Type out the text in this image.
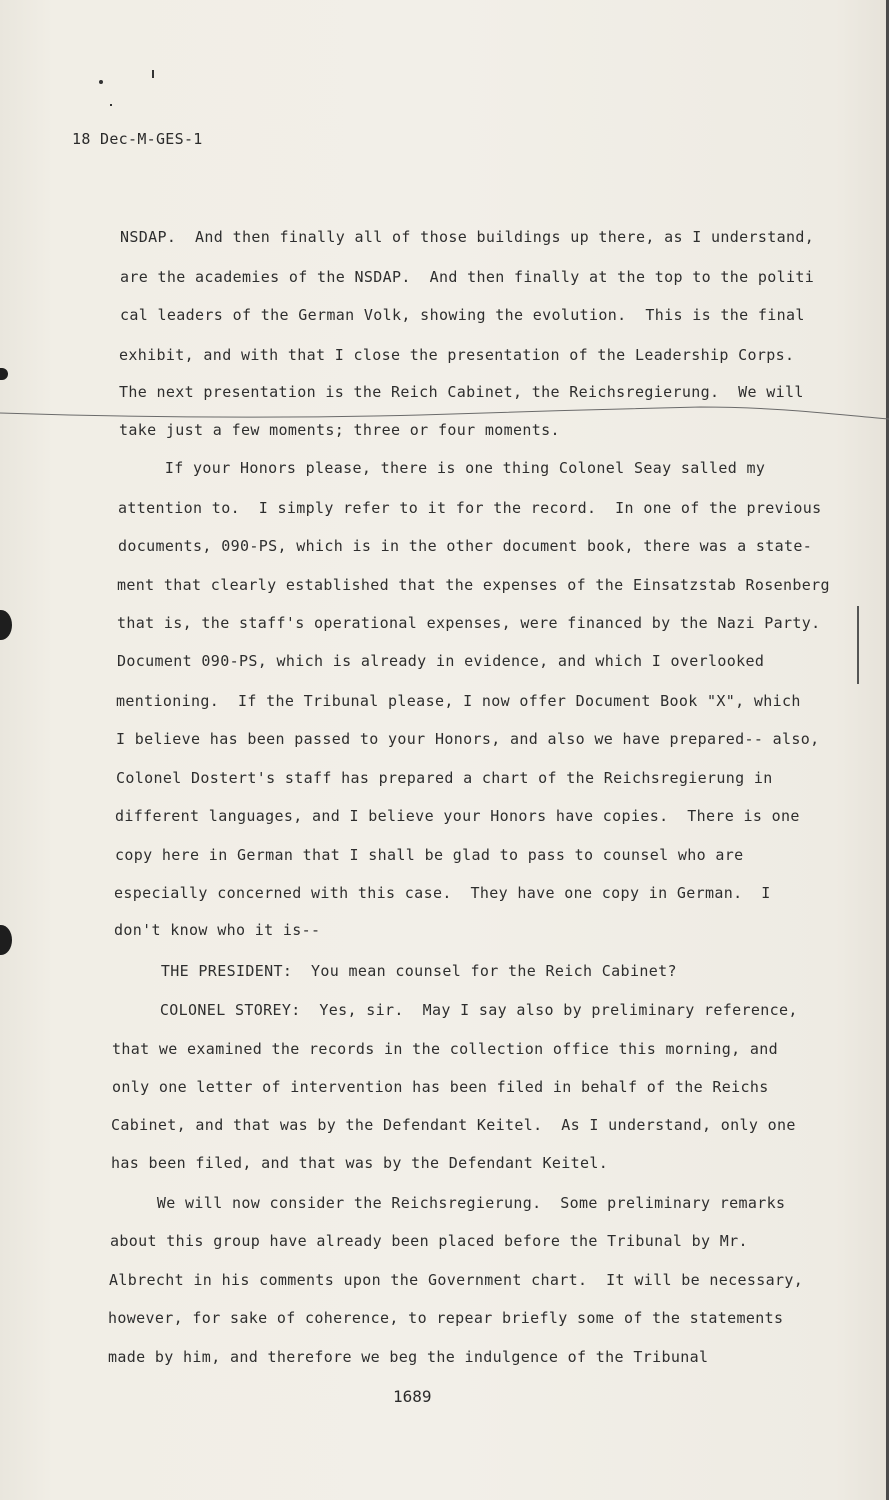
18 Dec-M-GES-1
NSDAP.  And then finally all of those buildings up there, as I understand,
are the academies of the NSDAP.  And then finally at the top to the politi
cal leaders of the German Volk, showing the evolution.  This is the final
exhibit, and with that I close the presentation of the Leadership Corps.
The next presentation is the Reich Cabinet, the Reichsregierung.  We will
take just a few moments; three or four moments.
If your Honors please, there is one thing Colonel Seay salled my
attention to.  I simply refer to it for the record.  In one of the previous
documents, 090-PS, which is in the other document book, there was a state-
ment that clearly established that the expenses of the Einsatzstab Rosenberg
that is, the staff's operational expenses, were financed by the Nazi Party.
Document 090-PS, which is already in evidence, and which I overlooked
mentioning.  If the Tribunal please, I now offer Document Book "X", which
I believe has been passed to your Honors, and also we have prepared-- also,
Colonel Dostert's staff has prepared a chart of the Reichsregierung in
different languages, and I believe your Honors have copies.  There is one
copy here in German that I shall be glad to pass to counsel who are
especially concerned with this case.  They have one copy in German.  I
don't know who it is--
THE PRESIDENT:  You mean counsel for the Reich Cabinet?
COLONEL STOREY:  Yes, sir.  May I say also by preliminary reference,
that we examined the records in the collection office this morning, and
only one letter of intervention has been filed in behalf of the Reichs
Cabinet, and that was by the Defendant Keitel.  As I understand, only one
has been filed, and that was by the Defendant Keitel.
We will now consider the Reichsregierung.  Some preliminary remarks
about this group have already been placed before the Tribunal by Mr.
Albrecht in his comments upon the Government chart.  It will be necessary,
however, for sake of coherence, to repear briefly some of the statements
made by him, and therefore we beg the indulgence of the Tribunal
1689
